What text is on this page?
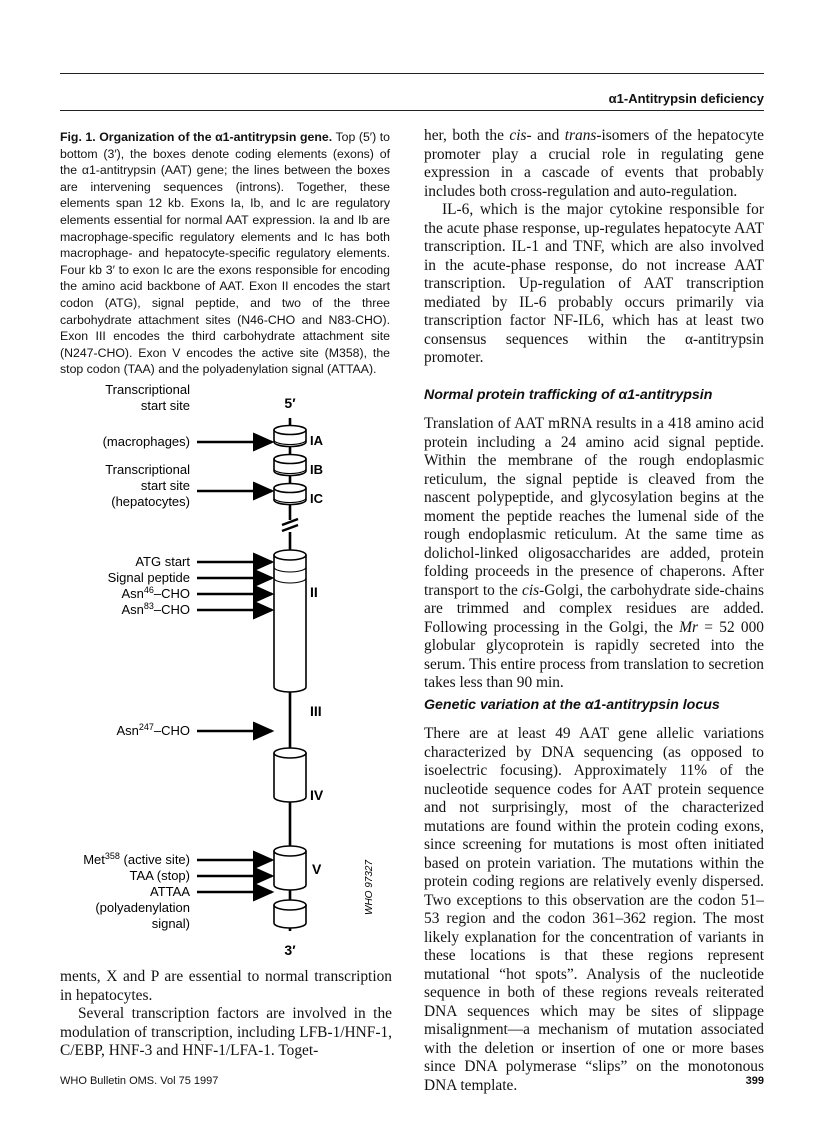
α1-Antitrypsin deficiency
Fig. 1. Organization of the α1-antitrypsin gene. Top (5′) to bottom (3′), the boxes denote coding elements (exons) of the α1-antitrypsin (AAT) gene; the lines between the boxes are intervening sequences (introns). Together, these elements span 12 kb. Exons Ia, Ib, and Ic are regulatory elements essential for normal AAT expression. Ia and Ib are macrophage-specific regulatory elements and Ic has both macrophage- and hepatocyte-specific regulatory elements. Four kb 3′ to exon Ic are the exons responsible for encoding the amino acid backbone of AAT. Exon II encodes the start codon (ATG), signal peptide, and two of the three carbohydrate attachment sites (N46-CHO and N83-CHO). Exon III encodes the third carbohydrate attachment site (N247-CHO). Exon V encodes the active site (M358), the stop codon (TAA) and the polyadenylation signal (ATTAA).
5′
IA
IB
IC
II
III
IV
V
Transcriptional
start site
(macrophages)
Transcriptional
start site
(hepatocytes)
ATG start
Signal peptide
Asn$^{46}$–CHO
Asn$^{83}$–CHO
Asn$^{247}$–CHO
Met$^{358}$ (active site)
TAA (stop)
ATTAA
(polyadenylation
signal)
3′
WHO 97327

ments, X and P are essential to normal transcription in hepatocytes.

Several transcription factors are involved in the modulation of transcription, including LFB-1/HNF-1, C/EBP, HNF-3 and HNF-1/LFA-1. Toget-

her, both the cis- and trans-isomers of the hepatocyte promoter play a crucial role in regulating gene expression in a cascade of events that probably includes both cross-regulation and auto-regulation.

IL-6, which is the major cytokine responsible for the acute phase response, up-regulates hepatocyte AAT transcription. IL-1 and TNF, which are also involved in the acute-phase response, do not increase AAT transcription. Up-regulation of AAT transcription mediated by IL-6 probably occurs primarily via transcription factor NF-IL6, which has at least two consensus sequences within the α-antitrypsin promoter.

Normal protein trafficking of α1-antitrypsin

Translation of AAT mRNA results in a 418 amino acid protein including a 24 amino acid signal peptide. Within the membrane of the rough endoplasmic reticulum, the signal peptide is cleaved from the nascent polypeptide, and glycosylation begins at the moment the peptide reaches the lumenal side of the rough endoplasmic reticulum. At the same time as dolichol-linked oligosaccharides are added, protein folding proceeds in the presence of chaperons. After transport to the cis-Golgi, the carbohydrate side-chains are trimmed and complex residues are added. Following processing in the Golgi, the Mr = 52 000 globular glycoprotein is rapidly secreted into the serum. This entire process from translation to secretion takes less than 90 min.

Genetic variation at the α1-antitrypsin locus

There are at least 49 AAT gene allelic variations characterized by DNA sequencing (as opposed to isoelectric focusing). Approximately 11% of the nucleotide sequence codes for AAT protein sequence and not surprisingly, most of the characterized mutations are found within the protein coding exons, since screening for mutations is most often initiated based on protein variation. The mutations within the protein coding regions are relatively evenly dispersed. Two exceptions to this observation are the codon 51–53 region and the codon 361–362 region. The most likely explanation for the concentration of variants in these locations is that these regions represent mutational “hot spots”. Analysis of the nucleotide sequence in both of these regions reveals reiterated DNA sequences which may be sites of slippage misalignment—a mechanism of mutation associated with the deletion or insertion of one or more bases since DNA polymerase “slips” on the monotonous DNA template.

WHO Bulletin OMS. Vol 75 1997	399
